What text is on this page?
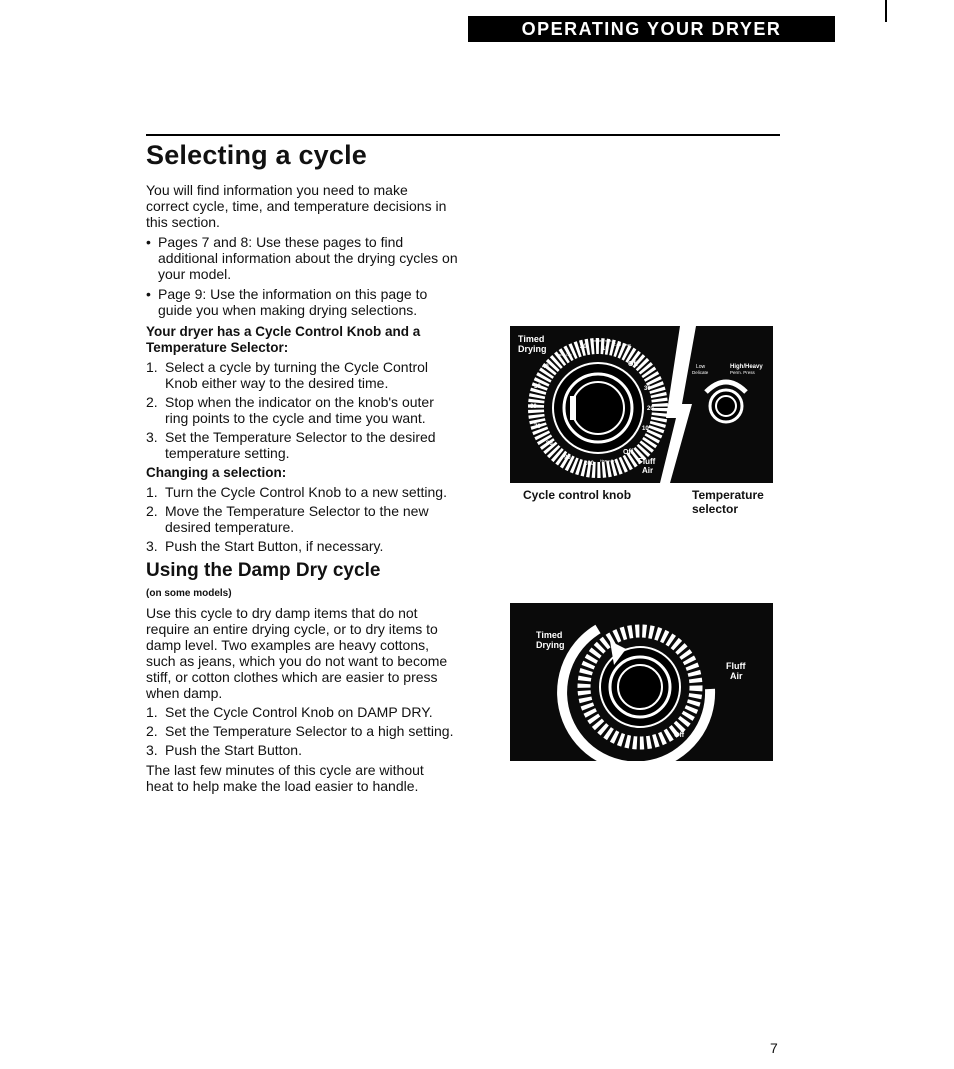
OPERATING YOUR DRYER
Selecting a cycle

You will find information you need to make correct cycle, time, and temperature decisions in this section.

• Pages 7 and 8: Use these pages to find additional information about the drying cycles on your model.
• Page 9: Use the information on this page to guide you when making drying selections.

Your dryer has a Cycle Control Knob and a Temperature Selector:

1. Select a cycle by turning the Cycle Control Knob either way to the desired time.
2. Stop when the indicator on the knob's outer ring points to the cycle and time you want.
3. Set the Temperature Selector to the desired temperature setting.

Changing a selection:

1. Turn the Cycle Control Knob to a new setting.
2. Move the Temperature Selector to the new desired temperature.
3. Push the Start Button, if necessary.
Using the Damp Dry cycle

(on some models)

Use this cycle to dry damp items that do not require an entire drying cycle, or to dry items to damp level. Two examples are heavy cottons, such as jeans, which you do not want to become stiff, or cotton clothes which are easier to press when damp.

1. Set the Cycle Control Knob on DAMP DRY.
2. Set the Temperature Selector to a high setting.
3. Push the Start Button.

The last few minutes of this cycle are without heat to help make the load easier to handle.

Timed
Drying	20	10
40
50
60
70
80
90
100
30
20
10
Tumble Press
Damp Dry
Cool Down
Heavy Dry
Off
Off
Fluff
Air
Low
Delicate
High/Heavy
Perm. Press
Cycle control knob	Temperature
selector
Timed
Drying
Fluff
Air
Off
7
